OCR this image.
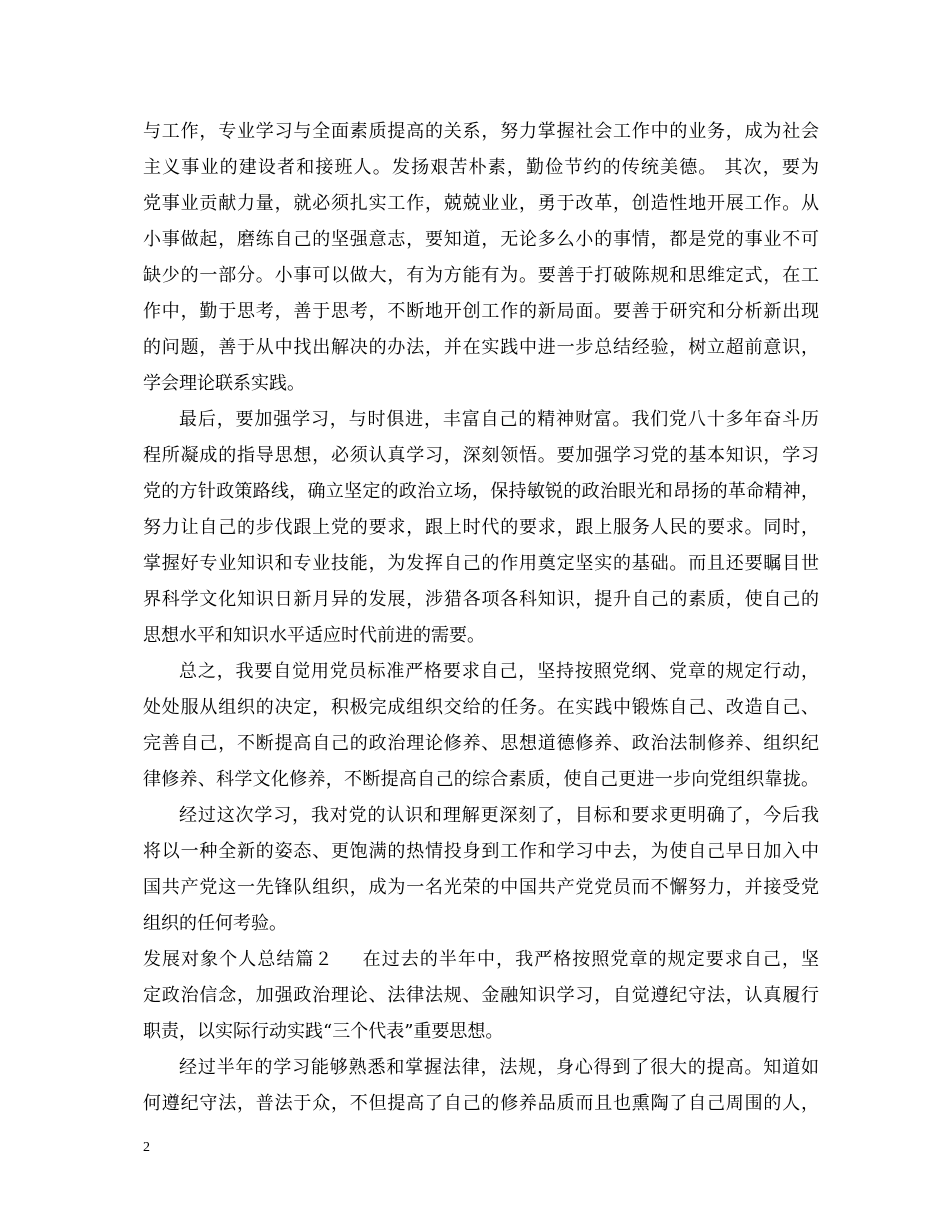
与工作，专业学习与全面素质提高的关系，努力掌握社会工作中的业务，成为社会
主义事业的建设者和接班人。发扬艰苦朴素，勤俭节约的传统美德。 其次，要为
党事业贡献力量，就必须扎实工作，兢兢业业，勇于改革，创造性地开展工作。从
小事做起，磨练自己的坚强意志，要知道，无论多么小的事情，都是党的事业不可
缺少的一部分。小事可以做大，有为方能有为。要善于打破陈规和思维定式，在工
作中，勤于思考，善于思考，不断地开创工作的新局面。要善于研究和分析新出现
的问题，善于从中找出解决的办法，并在实践中进一步总结经验，树立超前意识，
学会理论联系实践。
最后，要加强学习，与时俱进，丰富自己的精神财富。我们党八十多年奋斗历
程所凝成的指导思想，必须认真学习，深刻领悟。要加强学习党的基本知识，学习
党的方针政策路线，确立坚定的政治立场，保持敏锐的政治眼光和昂扬的革命精神，
努力让自己的步伐跟上党的要求，跟上时代的要求，跟上服务人民的要求。同时，
掌握好专业知识和专业技能，为发挥自己的作用奠定坚实的基础。而且还要瞩目世
界科学文化知识日新月异的发展，涉猎各项各科知识，提升自己的素质，使自己的
思想水平和知识水平适应时代前进的需要。
总之，我要自觉用党员标准严格要求自己，坚持按照党纲、党章的规定行动，
处处服从组织的决定，积极完成组织交给的任务。在实践中锻炼自己、改造自己、
完善自己，不断提高自己的政治理论修养、思想道德修养、政治法制修养、组织纪
律修养、科学文化修养，不断提高自己的综合素质，使自己更进一步向党组织靠拢。
经过这次学习，我对党的认识和理解更深刻了，目标和要求更明确了，今后我
将以一种全新的姿态、更饱满的热情投身到工作和学习中去，为使自己早日加入中
国共产党这一先锋队组织，成为一名光荣的中国共产党党员而不懈努力，并接受党
组织的任何考验。
发展对象个人总结篇２ 在过去的半年中，我严格按照党章的规定要求自己，坚
定政治信念，加强政治理论、法律法规、金融知识学习，自觉遵纪守法，认真履行
职责，以实际行动实践“三个代表”重要思想。
经过半年的学习能够熟悉和掌握法律，法规，身心得到了很大的提高。知道如
何遵纪守法，普法于众，不但提高了自己的修养品质而且也熏陶了自己周围的人，
2
